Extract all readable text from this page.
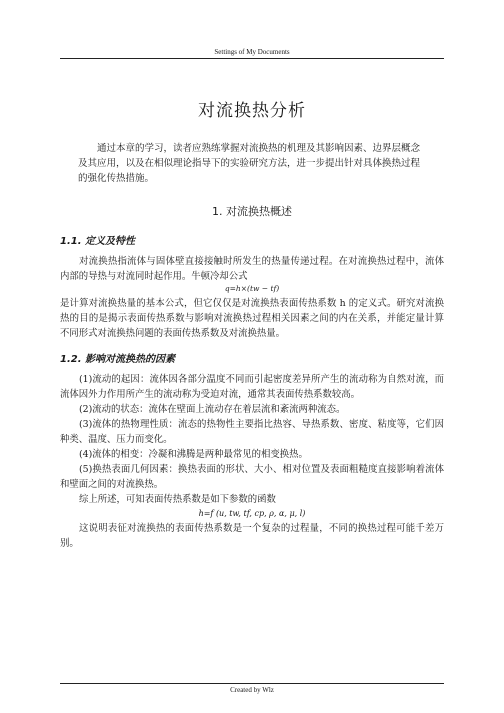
Settings of My Documents
对流换热分析

通过本章的学习，读者应熟练掌握对流换热的机理及其影响因素、边界层概念及其应用，以及在相似理论指导下的实验研究方法，进一步提出针对具体换热过程的强化传热措施。

1. 对流换热概述
1.1. 定义及特性

对流换热指流体与固体壁直接接触时所发生的热量传递过程。在对流换热过程中，流体内部的导热与对流同时起作用。牛顿冷却公式

q=h×(tw − tf)

是计算对流换热量的基本公式，但它仅仅是对流换热表面传热系数 h 的定义式。研究对流换热的目的是揭示表面传热系数与影响对流换热过程相关因素之间的内在关系，并能定量计算不同形式对流换热问题的表面传热系数及对流换热量。

1.2. 影响对流换热的因素

(1)流动的起因：流体因各部分温度不同而引起密度差异所产生的流动称为自然对流，而流体因外力作用所产生的流动称为受迫对流，通常其表面传热系数较高。

(2)流动的状态：流体在壁面上流动存在着层流和紊流两种流态。

(3)流体的热物理性质：流态的热物性主要指比热容、导热系数、密度、粘度等，它们因种类、温度、压力而变化。

(4)流体的相变：冷凝和沸腾是两种最常见的相变换热。

(5)换热表面几何因素：换热表面的形状、大小、相对位置及表面粗糙度直接影响着流体和壁面之间的对流换热。

综上所述，可知表面传热系数是如下参数的函数

h=f (u, tw, tf, cp, ρ, α, μ, l)

这说明表征对流换热的表面传热系数是一个复杂的过程量，不同的换热过程可能千差万别。

Created by Wlz
